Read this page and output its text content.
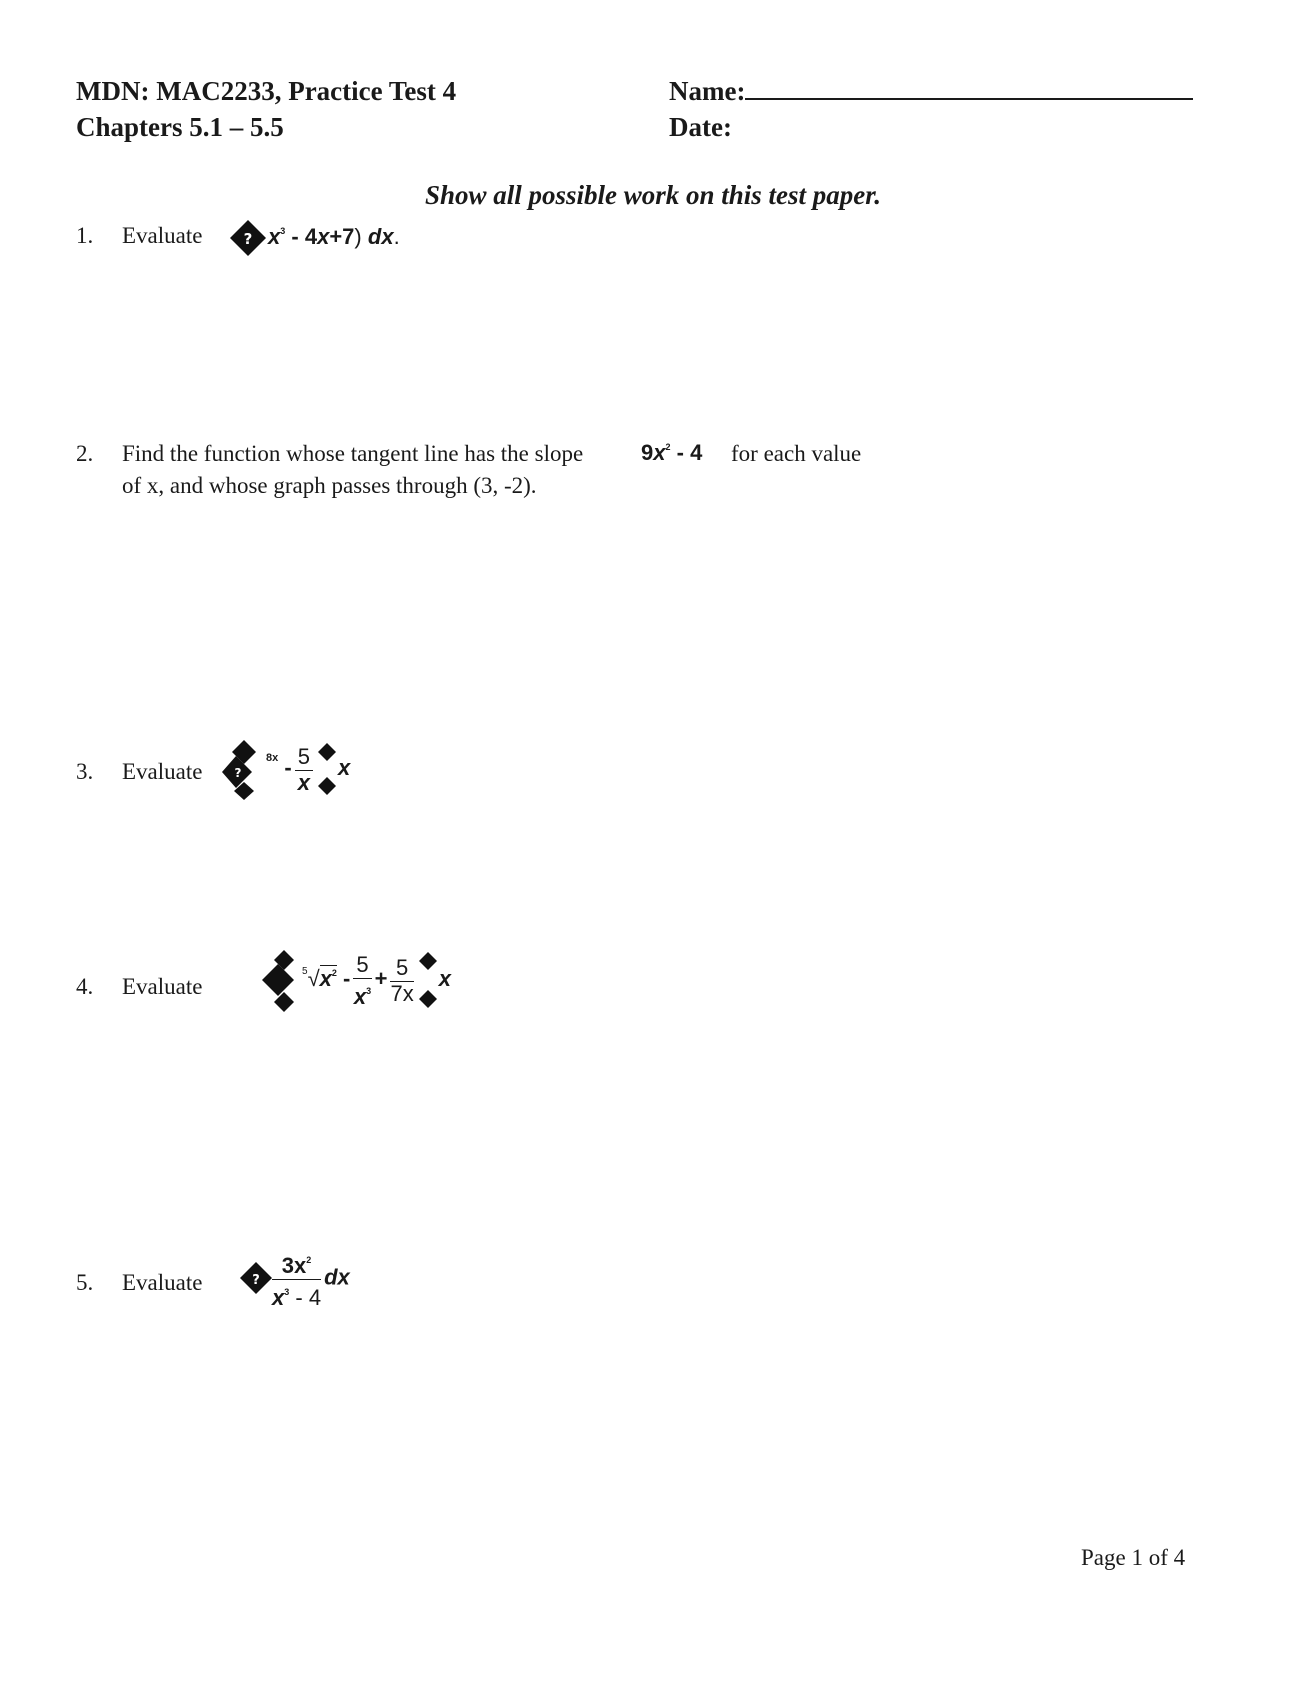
MDN: MAC2233, Practice Test 4
Chapters 5.1 – 5.5
Name:
Date:
Show all possible work on this test paper.
1. Evaluate	? $x^3 - 4x+7$) dx.
2. Find the function whose tangent line has the slope	$9x^2 - 4$ for each value
of x, and whose graph passes through (3, -2).
3. Evaluate	?
$^{8x} - \frac{5}{x}$ x
4. Evaluate
$^5√x^2 - \frac{5}{x^3} + \frac{5}{7x}$ x
5. Evaluate	? $\frac{3x^2}{x^3 - 4}$ dx
Page 1 of 4
